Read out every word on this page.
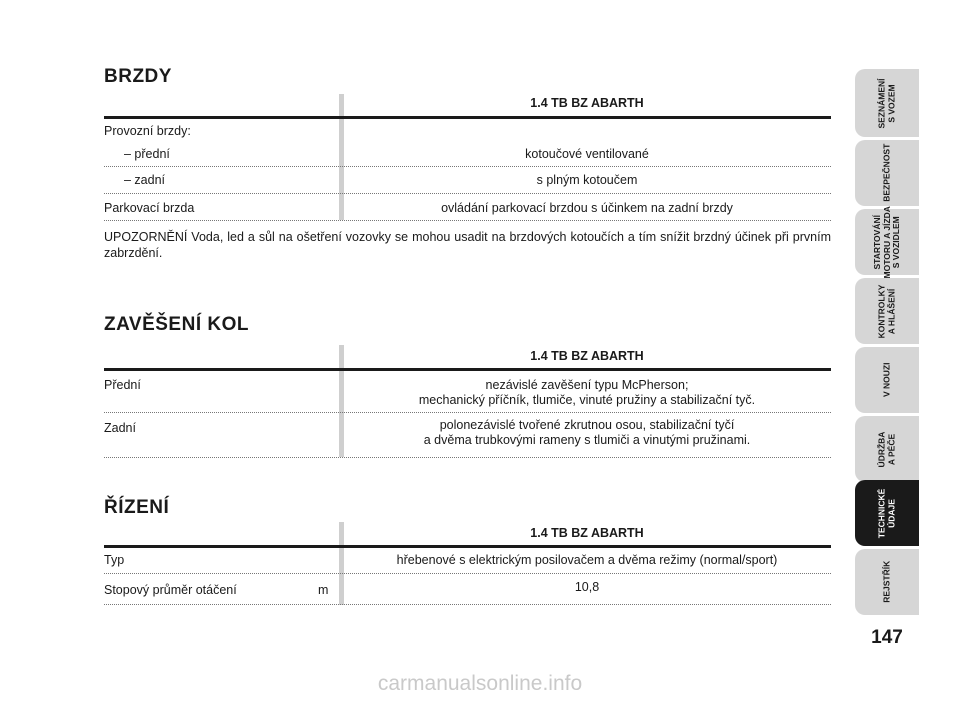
BRZDY
1.4 TB BZ ABARTH
Provozní brzdy:
– přední	kotoučové ventilované
– zadní	s plným kotoučem
Parkovací brzda	ovládání parkovací brzdou s účinkem na zadní brzdy
UPOZORNĚNÍ Voda, led a sůl na ošetření vozovky se mohou usadit na brzdových kotoučích a tím snížit brzdný účinek při prvním zabrzdění.
ZAVĚŠENÍ KOL
1.4 TB BZ ABARTH
Přední	nezávislé zavěšení typu McPherson;
mechanický příčník, tlumiče, vinuté pružiny a stabilizační tyč.
Zadní	polonezávislé tvořené zkrutnou osou, stabilizační tyčí
a dvěma trubkovými rameny s tlumiči a vinutými pružinami.
ŘÍZENÍ
1.4 TB BZ ABARTH
Typ	hřebenové s elektrickým posilovačem a dvěma režimy (normal/sport)
Stopový průměr otáčení	m	10,8
SEZNÁMENÍ
S VOZEM
BEZPEČNOST
STARTOVÁNÍ
MOTORU A JÍZDA
S VOZIDLEM
KONTROLKY
A HLÁŠENÍ
V NOUZI
ÚDRŽBA
A PÉČE
TECHNICKÉ
ÚDAJE
REJSTŘÍK
147
carmanualsonline.info
